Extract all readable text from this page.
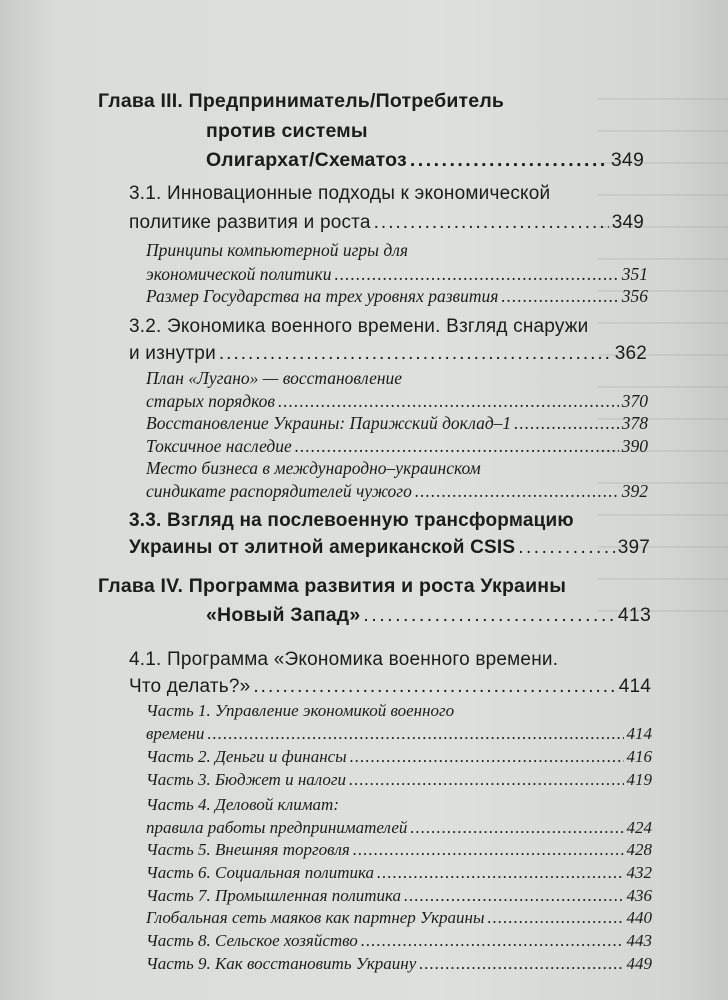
Глава III.
Предприниматель/Потребитель
против системы
Олигархат/Схематоз .....	349
3.1. Инновационные подходы к экономической
политике развития и роста .....	349
Принципы компьютерной игры для
экономической политики .....	351
Размер Государства на трех уровнях развития .....	356
3.2. Экономика военного времени. Взгляд снаружи
и изнутри .....	362
План «Лугано» — восстановление
старых порядков .....	370
Восстановление Украины: Парижский доклад–1 .....	378
Токсичное наследие .....	390
Место бизнеса в международно–украинском
синдикате распорядителей чужого .....	392
3.3. Взгляд на послевоенную трансформацию
Украины от элитной американской CSIS .....	397
Глава IV.
Программа развития и роста Украины
«Новый Запад» .....	413
4.1. Программа «Экономика военного времени.
Что делать?» .....	414
Часть 1. Управление экономикой военного
времени .....	414
Часть 2. Деньги и финансы .....	416
Часть 3. Бюджет и налоги .....	419
Часть 4. Деловой климат:
правила работы предпринимателей .....	424
Часть 5. Внешняя торговля .....	428
Часть 6. Социальная политика .....	432
Часть 7. Промышленная политика .....	436
Глобальная сеть маяков как партнер Украины .....	440
Часть 8. Сельское хозяйство .....	443
Часть 9. Как восстановить Украину .....	449
